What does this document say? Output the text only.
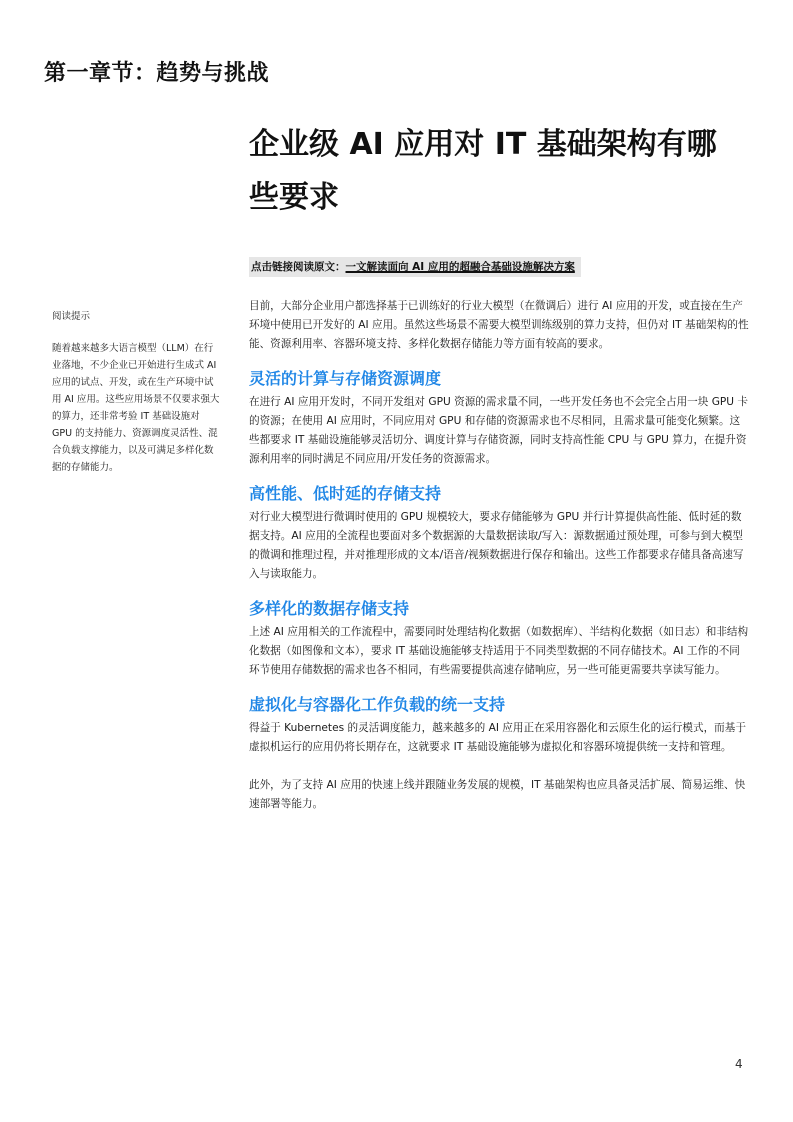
第一章节：趋势与挑战
企业级 AI 应用对 IT 基础架构有哪
些要求
点击链接阅读原文：一文解读面向 AI 应用的超融合基础设施解决方案
阅读提示
随着越来越多大语言模型（LLM）在行业落地，不少企业已开始进行生成式 AI 应用的试点、开发，或在生产环境中试用 AI 应用。这些应用场景不仅要求强大的算力，还非常考验 IT 基础设施对 GPU 的支持能力、资源调度灵活性、混合负载支撑能力，以及可满足多样化数据的存储能力。

目前，大部分企业用户都选择基于已训练好的行业大模型（在微调后）进行 AI 应用的开发，或直接在生产环境中使用已开发好的 AI 应用。虽然这些场景不需要大模型训练级别的算力支持，但仍对 IT 基础架构的性能、资源利用率、容器环境支持、多样化数据存储能力等方面有较高的要求。

灵活的计算与存储资源调度

在进行 AI 应用开发时，不同开发组对 GPU 资源的需求量不同，一些开发任务也不会完全占用一块 GPU 卡的资源；在使用 AI 应用时，不同应用对 GPU 和存储的资源需求也不尽相同，且需求量可能变化频繁。这些都要求 IT 基础设施能够灵活切分、调度计算与存储资源，同时支持高性能 CPU 与 GPU 算力，在提升资源利用率的同时满足不同应用/开发任务的资源需求。

高性能、低时延的存储支持

对行业大模型进行微调时使用的 GPU 规模较大，要求存储能够为 GPU 并行计算提供高性能、低时延的数据支持。AI 应用的全流程也要面对多个数据源的大量数据读取/写入：源数据通过预处理，可参与到大模型的微调和推理过程，并对推理形成的文本/语音/视频数据进行保存和输出。这些工作都要求存储具备高速写入与读取能力。

多样化的数据存储支持

上述 AI 应用相关的工作流程中，需要同时处理结构化数据（如数据库）、半结构化数据（如日志）和非结构化数据（如图像和文本），要求 IT 基础设施能够支持适用于不同类型数据的不同存储技术。AI 工作的不同环节使用存储数据的需求也各不相同，有些需要提供高速存储响应，另一些可能更需要共享读写能力。

虚拟化与容器化工作负载的统一支持

得益于 Kubernetes 的灵活调度能力，越来越多的 AI 应用正在采用容器化和云原生化的运行模式，而基于虚拟机运行的应用仍将长期存在，这就要求 IT 基础设施能够为虚拟化和容器环境提供统一支持和管理。

此外，为了支持 AI 应用的快速上线并跟随业务发展的规模，IT 基础架构也应具备灵活扩展、简易运维、快速部署等能力。

4
